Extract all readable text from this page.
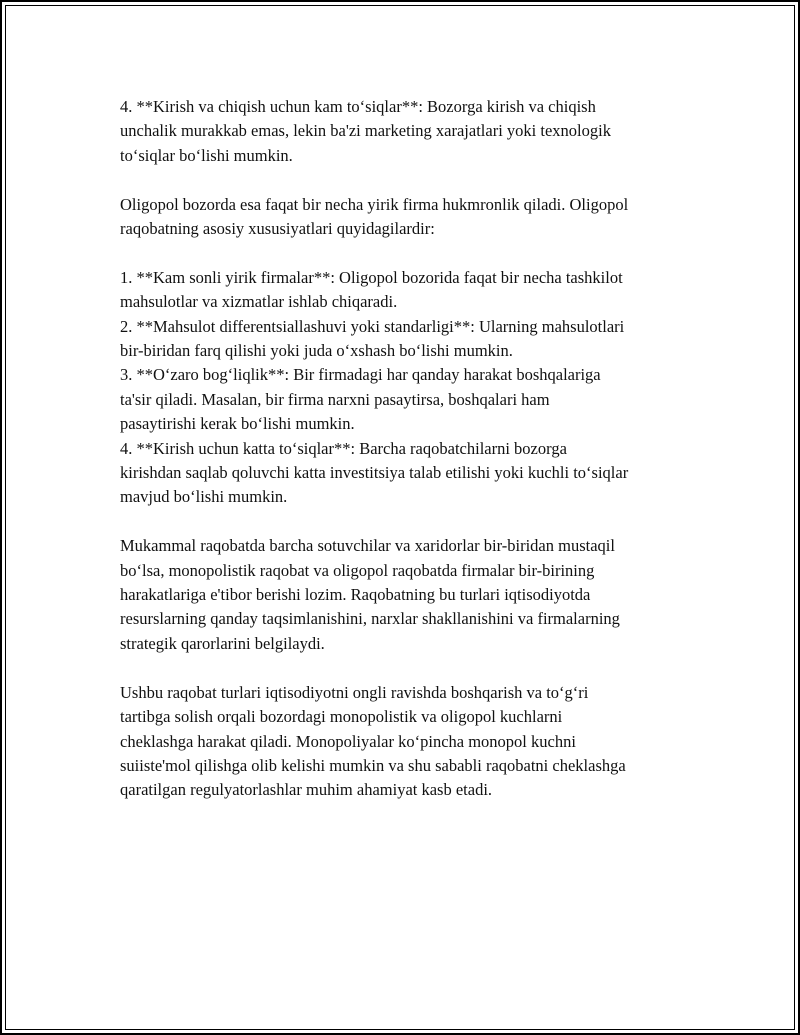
4. **Kirish va chiqish uchun kam to‘siqlar**: Bozorga kirish va chiqish
unchalik murakkab emas, lekin ba'zi marketing xarajatlari yoki texnologik
to‘siqlar bo‘lishi mumkin.

Oligopol bozorda esa faqat bir necha yirik firma hukmronlik qiladi. Oligopol
raqobatning asosiy xususiyatlari quyidagilardir:

1. **Kam sonli yirik firmalar**: Oligopol bozorida faqat bir necha tashkilot
mahsulotlar va xizmatlar ishlab chiqaradi.
2. **Mahsulot differentsiallashuvi yoki standarligi**: Ularning mahsulotlari
bir-biridan farq qilishi yoki juda o‘xshash bo‘lishi mumkin.
3. **O‘zaro bog‘liqlik**: Bir firmadagi har qanday harakat boshqalariga
ta'sir qiladi. Masalan, bir firma narxni pasaytirsa, boshqalari ham
pasaytirishi kerak bo‘lishi mumkin.
4. **Kirish uchun katta to‘siqlar**: Barcha raqobatchilarni bozorga
kirishdan saqlab qoluvchi katta investitsiya talab etilishi yoki kuchli to‘siqlar
mavjud bo‘lishi mumkin.

Mukammal raqobatda barcha sotuvchilar va xaridorlar bir-biridan mustaqil
bo‘lsa, monopolistik raqobat va oligopol raqobatda firmalar bir-birining
harakatlariga e'tibor berishi lozim. Raqobatning bu turlari iqtisodiyotda
resurslarning qanday taqsimlanishini, narxlar shakllanishini va firmalarning
strategik qarorlarini belgilaydi.

Ushbu raqobat turlari iqtisodiyotni ongli ravishda boshqarish va to‘g‘ri
tartibga solish orqali bozordagi monopolistik va oligopol kuchlarni
cheklashga harakat qiladi. Monopoliyalar ko‘pincha monopol kuchni
suiiste'mol qilishga olib kelishi mumkin va shu sababli raqobatni cheklashga
qaratilgan regulyatorlashlar muhim ahamiyat kasb etadi.
